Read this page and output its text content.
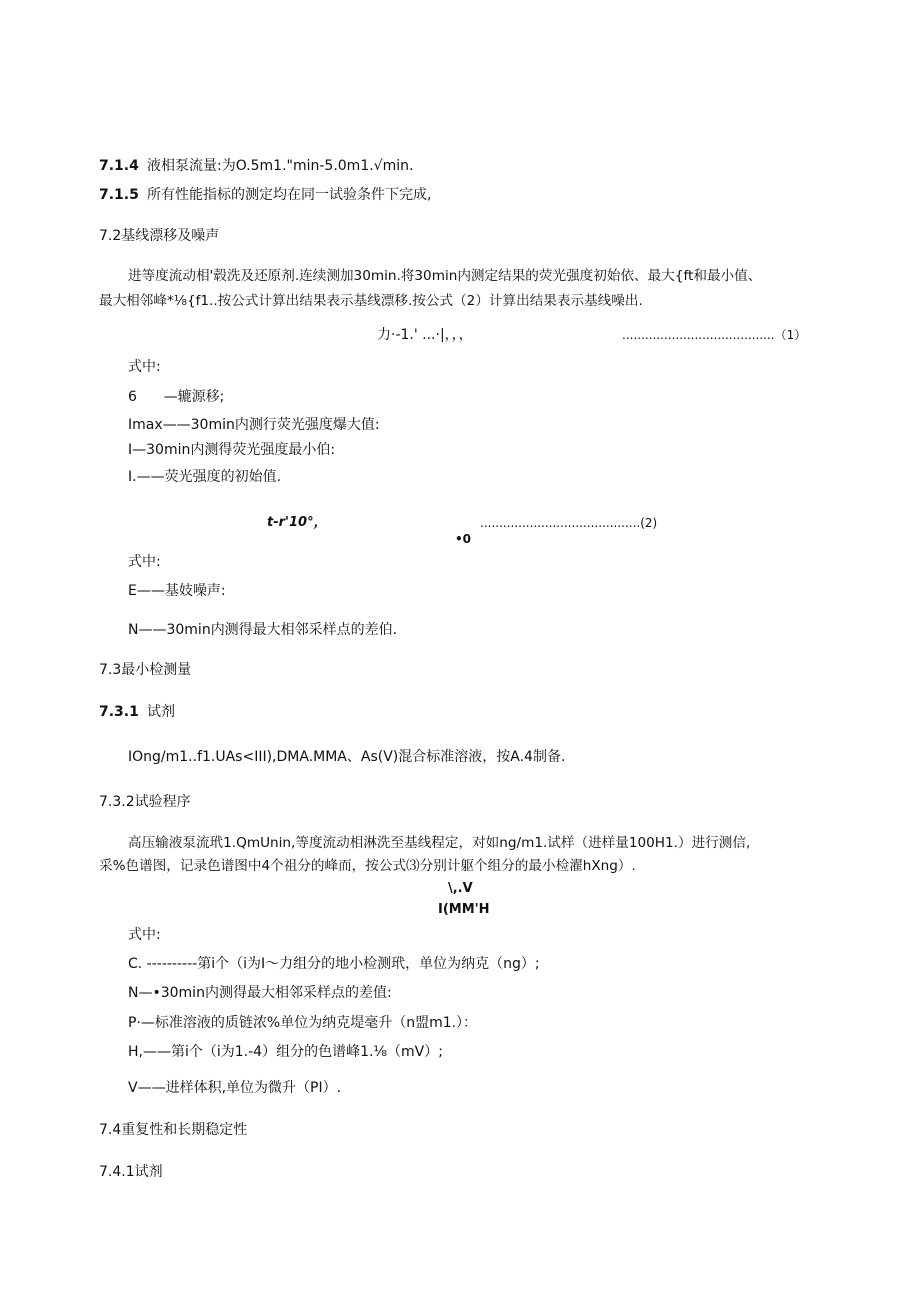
7.1.4 液相泵流量:为O.5m1."min-5.0m1.√min.
7.1.5 所有性能指标的测定均在同一试验条件下完成,
7.2基线漂移及噪声
进等度流动相'毂洗及还原剂.连续测加30min.将30min内测定结果的荧光强度初始依、最大{ft和最小值、
最大相邻峰*⅛{f1..按公式计算出结果表示基线漂移.按公式（2）计算出结果表示基线噪出.
力·-1.' ...·|，，，	........................................（1）
式中:
6      —辘源移;
Imax——30min内测行荧光强度爆大值:
I—30min内测得荧光强度最小伯:
I.——荧光强度的初始值.
t-r'10°，
•0
..........................................(2)
式中:
E——基妓噪声:
N——30min内测得最大相邻采样点的差伯.
7.3最小检测量
7.3.1 试剂
IOng/m1..f1.UAs<III),DMA.MMA、As(V)混合标准溶液，按A.4制备.
7.3.2试验程序
高压输液泵流玳1.QmUnin,等度流动相淋洗至基线程定，对如ng/m1.试样（进样量100H1.）进行测信,
采%色谱图，记录色谱图中4个祖分的峰而，按公式⑶分别计躯个组分的最小检濯hXng）.
\,.V
I(MM'H
式中:
C. ----------第i个（i为I〜力组分的地小检测玳，单位为纳克（ng）;
N—•30min内测得最大相邻采样点的差值:
P·—标准溶液的质链浓%单位为纳克堤毫升（n盟m1.）：
H,——第i个（i为1.-4）组分的色谱峰1.⅛（mV）;
V——进样体积,单位为微升（PI）.
7.4重复性和长期稳定性
7.4.1试剂
